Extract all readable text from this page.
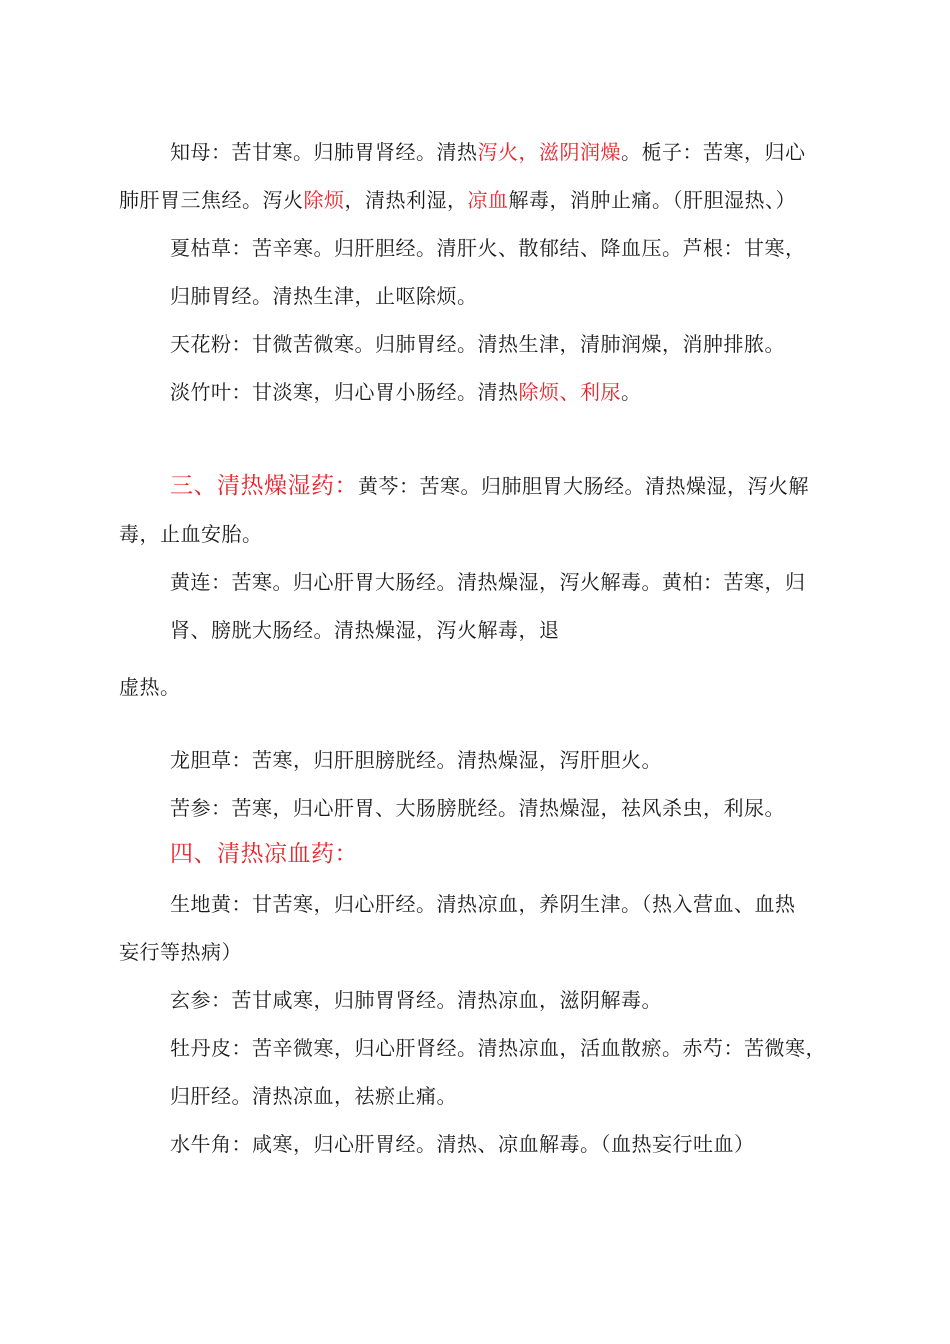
知母：苦甘寒。归肺胃肾经。清热泻火，滋阴润燥。栀子：苦寒，归心
肺肝胃三焦经。泻火除烦，清热利湿，凉血解毒，消肿止痛。（肝胆湿热、）
夏枯草：苦辛寒。归肝胆经。清肝火、散郁结、降血压。芦根：甘寒，
归肺胃经。清热生津，止呕除烦。
天花粉：甘微苦微寒。归肺胃经。清热生津，清肺润燥，消肿排脓。
淡竹叶：甘淡寒，归心胃小肠经。清热除烦、利尿。
三、清热燥湿药：黄芩：苦寒。归肺胆胃大肠经。清热燥湿，泻火解
毒，止血安胎。
黄连：苦寒。归心肝胃大肠经。清热燥湿，泻火解毒。黄柏：苦寒，归
肾、膀胱大肠经。清热燥湿，泻火解毒，退
虚热。
龙胆草：苦寒，归肝胆膀胱经。清热燥湿，泻肝胆火。
苦参：苦寒，归心肝胃、大肠膀胱经。清热燥湿，祛风杀虫，利尿。
四、清热凉血药：
生地黄：甘苦寒，归心肝经。清热凉血，养阴生津。（热入营血、血热
妄行等热病）
玄参：苦甘咸寒，归肺胃肾经。清热凉血，滋阴解毒。
牡丹皮：苦辛微寒，归心肝肾经。清热凉血，活血散瘀。赤芍：苦微寒，
归肝经。清热凉血，祛瘀止痛。
水牛角：咸寒，归心肝胃经。清热、凉血解毒。（血热妄行吐血）
